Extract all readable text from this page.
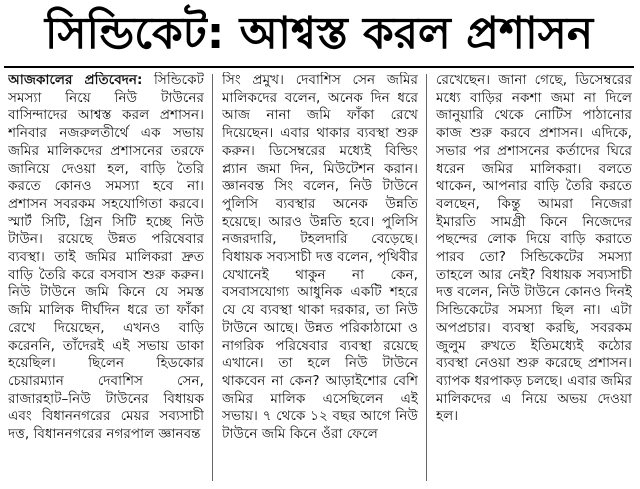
সিন্ডিকেট: আশ্বস্ত করল প্রশাসন

আজকালের প্রতিবেদন: সিন্ডিকেট সমস্যা নিয়ে নিউ টাউনের বাসিন্দাদের আশ্বস্ত করল প্রশাসন। শনিবার নজরুলতীর্থে এক সভায় জমির মালিকদের প্রশাসনের তরফে জানিয়ে দেওয়া হল, বাড়ি তৈরি করতে কোনও সমস্যা হবে না। প্রশাসন সবরকম সহযোগিতা করবে। স্মার্ট সিটি, গ্রিন সিটি হচ্ছে নিউ টাউন। রয়েছে উন্নত পরিষেবার ব্যবস্থা। তাই জমির মালিকরা দ্রুত বাড়ি তৈরি করে বসবাস শুরু করুন। নিউ টাউনে জমি কিনে যে সমস্ত জমি মালিক দীর্ঘদিন ধরে তা ফাঁকা রেখে দিয়েছেন, এখনও বাড়ি করেননি, তাঁদেরই এই সভায় ডাকা হয়েছিল। ছিলেন হিডকোর চেয়ারম্যান দেবাশিস সেন, রাজারহাট–নিউ টাউনের বিধায়ক এবং বিধাননগরের মেয়র সব্যসাচী দত্ত, বিধাননগরের নগরপাল জ্ঞানবন্ত

সিং প্রমুখ। দেবাশিস সেন জমির মালিকদের বলেন, অনেক দিন ধরে আজ নানা জমি ফাঁকা রেখে দিয়েছেন। এবার থাকার ব্যবস্থা শুরু করুন। ডিসেম্বরের মধ্যেই বিল্ডিং প্ল্যান জমা দিন, মিউটেশন করান। জ্ঞানবন্ত সিং বলেন, নিউ টাউনে পুলিসি ব্যবস্থার অনেক উন্নতি হয়েছে। আরও উন্নতি হবে। পুলিসি নজরদারি, টহলদারি বেড়েছে। বিধায়ক সব্যসাচী দত্ত বলেন, পৃথিবীর যেখানেই থাকুন না কেন, বসবাসযোগ্য আধুনিক একটি শহরে যে যে ব্যবস্থা থাকা দরকার, তা নিউ টাউনে আছে। উন্নত পরিকাঠামো ও নাগরিক পরিষেবার ব্যবস্থা রয়েছে এখানে। তা হলে নিউ টাউনে থাকবেন না কেন? আড়াইশোর বেশি জমির মালিক এসেছিলেন এই সভায়। ৭ থেকে ১২ বছর আগে নিউ টাউনে জমি কিনে ওঁরা ফেলে

রেখেছেন। জানা গেছে, ডিসেম্বরের মধ্যে বাড়ির নকশা জমা না দিলে জানুয়ারি থেকে নোটিস পাঠানোর কাজ শুরু করবে প্রশাসন। এদিকে, সভার পর প্রশাসনের কর্তাদের ঘিরে ধরেন জমির মালিকরা। বলতে থাকেন, আপনার বাড়ি তৈরি করতে বলছেন, কিন্তু আমরা নিজেরা ইমারতি সামগ্রী কিনে নিজেদের পছন্দের লোক দিয়ে বাড়ি করাতে পারব তো? সিন্ডিকেটের সমস্যা তাহলে আর নেই? বিধায়ক সব্যসাচী দত্ত বলেন, নিউ টাউনে কোনও দিনই সিন্ডিকেটের সমস্যা ছিল না। এটা অপপ্রচার। ব্যবস্থা করছি, সবরকম জুলুম রুখতে ইতিমধ্যেই কঠোর ব্যবস্থা নেওয়া শুরু করেছে প্রশাসন। ব্যাপক ধরপাকড় চলছে। এবার জমির মালিকদের এ নিয়ে অভয় দেওয়া হল।
